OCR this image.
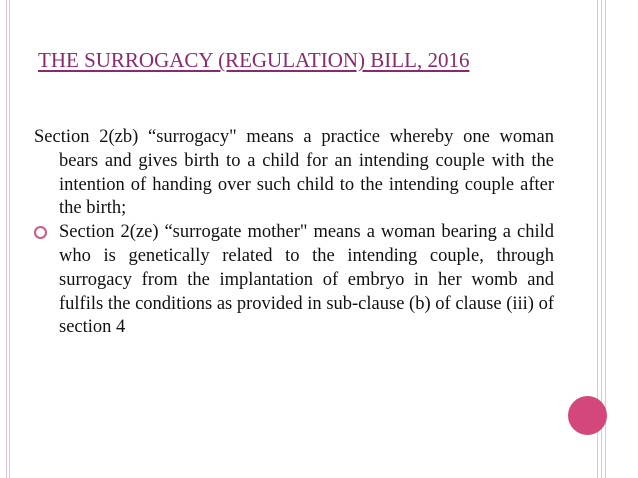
THE SURROGACY (REGULATION) BILL, 2016
Section 2(zb) “surrogacy" means a practice whereby one woman bears and gives birth to a child for an intending couple with the intention of handing over such child to the intending couple after the birth;
Section 2(ze) “surrogate mother" means a woman bearing a child who is genetically related to the intending couple, through surrogacy from the implantation of embryo in her womb and fulfils the conditions as provided in sub-clause (b) of clause (iii) of section 4
